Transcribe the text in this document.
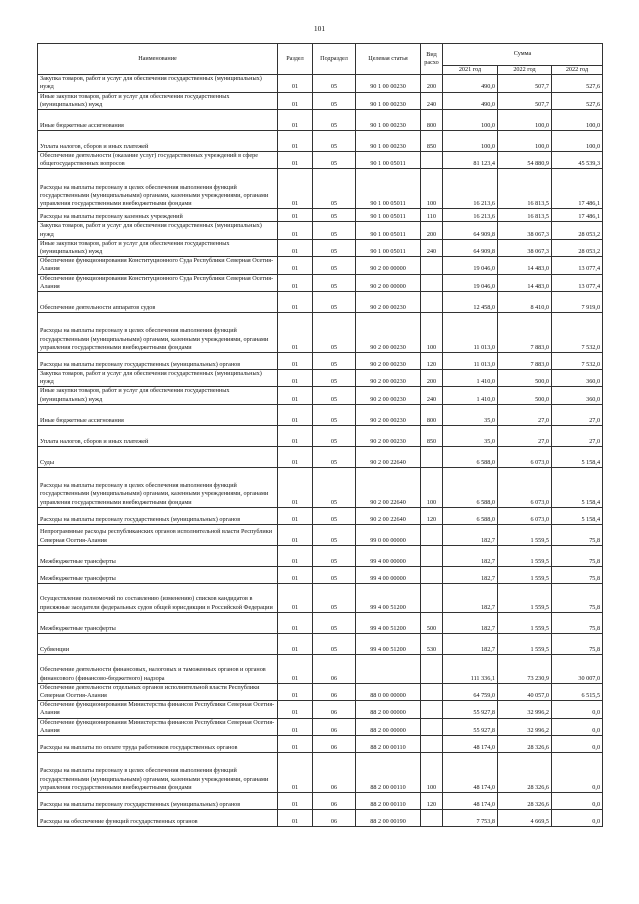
101
Наименование	Раздел	Подраздел	Целевая статья	Вид расхо	Сумма		
					2021 год	2022 год	2022 год
Закупка товаров, работ и услуг для обеспечения государственных (муниципальных) нужд	01	05	90 1 00 00230	200	490,0	507,7	527,6
Иные закупки товаров, работ и услуг для обеспечения государственных (муниципальных) нужд	01	05	90 1 00 00230	240	490,0	507,7	527,6
Иные бюджетные ассигнования	01	05	90 1 00 00230	800	100,0	100,0	100,0
Уплата налогов, сборов и иных платежей	01	05	90 1 00 00230	850	100,0	100,0	100,0
Обеспечение деятельности (оказание услуг) государственных учреждений в сфере общегосударственных вопросов	01	05	90 1 00 05011		81 123,4	54 880,9	45 539,3
Расходы на выплаты персоналу в целях обеспечения выполнения функций государственными (муниципальными) органами, казенными учреждениями, органами управления государственными внебюджетными фондами	01	05	90 1 00 05011	100	16 213,6	16 813,5	17 486,1
Расходы на выплаты персоналу казенных учреждений	01	05	90 1 00 05011	110	16 213,6	16 813,5	17 486,1
Закупка товаров, работ и услуг для обеспечения государственных (муниципальных) нужд	01	05	90 1 00 05011	200	64 909,8	38 067,3	28 053,2
Иные закупки товаров, работ и услуг для обеспечения государственных (муниципальных) нужд	01	05	90 1 00 05011	240	64 909,8	38 067,3	28 053,2
Обеспечение функционирования Конституционного Суда Республики Северная Осетия-Алания	01	05	90 2 00 00000		19 046,0	14 483,0	13 077,4
Обеспечение функционирования Конституционного Суда Республики Северная Осетия-Алания	01	05	90 2 00 00000		19 046,0	14 483,0	13 077,4
Обеспечение деятельности аппаратов судов	01	05	90 2 00 00230		12 458,0	8 410,0	7 919,0
Расходы на выплаты персоналу в целях обеспечения выполнения функций государственными (муниципальными) органами, казенными учреждениями, органами управления государственными внебюджетными фондами	01	05	90 2 00 00230	100	11 013,0	7 883,0	7 532,0
Расходы на выплаты персоналу государственных (муниципальных) органов	01	05	90 2 00 00230	120	11 013,0	7 883,0	7 532,0
Закупка товаров, работ и услуг для обеспечения государственных (муниципальных) нужд	01	05	90 2 00 00230	200	1 410,0	500,0	360,0
Иные закупки товаров, работ и услуг для обеспечения государственных (муниципальных) нужд	01	05	90 2 00 00230	240	1 410,0	500,0	360,0
Иные бюджетные ассигнования	01	05	90 2 00 00230	800	35,0	27,0	27,0
Уплата налогов, сборов и иных платежей	01	05	90 2 00 00230	850	35,0	27,0	27,0
Суды	01	05	90 2 00 22640		6 588,0	6 073,0	5 158,4
Расходы на выплаты персоналу в целях обеспечения выполнения функций государственными (муниципальными) органами, казенными учреждениями, органами управления государственными внебюджетными фондами	01	05	90 2 00 22640	100	6 588,0	6 073,0	5 158,4
Расходы на выплаты персоналу государственных (муниципальных) органов	01	05	90 2 00 22640	120	6 588,0	6 073,0	5 158,4
Непрограммные расходы республиканских органов исполнительной власти Республики Северная Осетия-Алания	01	05	99 0 00 00000		182,7	1 559,5	75,8
Межбюджетные трансферты	01	05	99 4 00 00000		182,7	1 559,5	75,8
Межбюджетные трансферты	01	05	99 4 00 00000		182,7	1 559,5	75,8
Осуществление полномочий по составлению (изменению) списков кандидатов в присяжные заседатели федеральных судов общей юрисдикции в Российской Федерации	01	05	99 4 00 51200		182,7	1 559,5	75,8
Межбюджетные трансферты	01	05	99 4 00 51200	500	182,7	1 559,5	75,8
Субвенции	01	05	99 4 00 51200	530	182,7	1 559,5	75,8
Обеспечение деятельности финансовых, налоговых и таможенных органов и органов финансового (финансово-бюджетного) надзора	01	06			111 336,1	73 230,9	30 007,0
Обеспечение деятельности отдельных органов исполнительной власти Республики Северная Осетия-Алания	01	06	88 0 00 00000		64 759,0	40 057,0	6 515,5
Обеспечение функционирования Министерства финансов Республики Северная Осетия-Алания	01	06	88 2 00 00000		55 927,8	32 996,2	0,0
Обеспечение функционирования Министерства финансов Республики Северная Осетия-Алания	01	06	88 2 00 00000		55 927,8	32 996,2	0,0
Расходы на выплаты по оплате труда работников государственных органов	01	06	88 2 00 00110		48 174,0	28 326,6	0,0
Расходы на выплаты персоналу в целях обеспечения выполнения функций государственными (муниципальными) органами, казенными учреждениями, органами управления государственными внебюджетными фондами	01	06	88 2 00 00110	100	48 174,0	28 326,6	0,0
Расходы на выплаты персоналу государственных (муниципальных) органов	01	06	88 2 00 00110	120	48 174,0	28 326,6	0,0
Расходы на обеспечение функций государственных органов	01	06	88 2 00 00190		7 753,8	4 669,5	0,0
